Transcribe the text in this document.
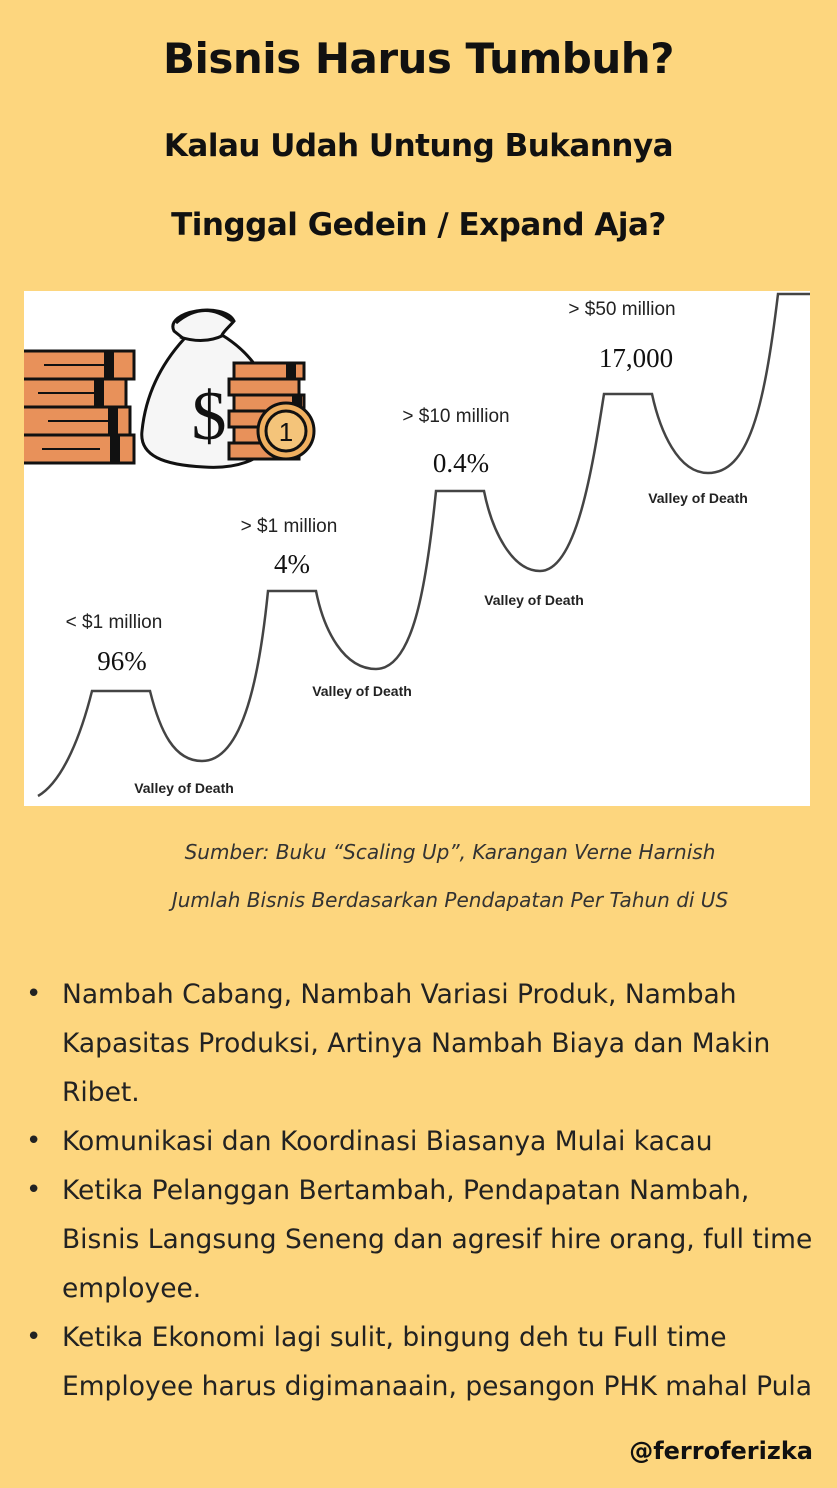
Bisnis Harus Tumbuh?
Kalau Udah Untung Bukannya
Tinggal Gedein / Expand Aja?
$ 1
< $1 million
96%
> $1 million
4%
> $10 million
0.4%
> $50 million
17,000
Valley of Death
Valley of Death
Valley of Death
Valley of Death
Sumber: Buku “Scaling Up”, Karangan Verne Harnish
Jumlah Bisnis Berdasarkan Pendapatan Per Tahun di US
• Nambah Cabang, Nambah Variasi Produk, Nambah Kapasitas Produksi, Artinya Nambah Biaya dan Makin Ribet.
• Komunikasi dan Koordinasi Biasanya Mulai kacau
• Ketika Pelanggan Bertambah, Pendapatan Nambah, Bisnis Langsung Seneng dan agresif hire orang, full time employee.
• Ketika Ekonomi lagi sulit, bingung deh tu Full time Employee harus digimanaain, pesangon PHK mahal Pula
@ferroferizka
